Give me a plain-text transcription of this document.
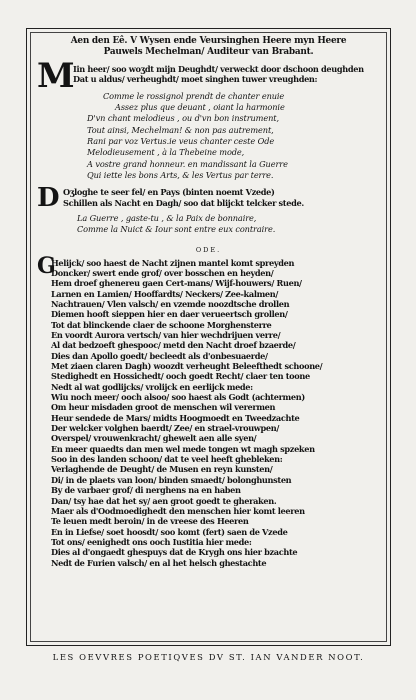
Aen den Eê. V Wysen ende Veursinghen Heere myn Heere
Pauwels Mechelman/ Auditeur van Brabant.
M Iin heer/ soo woʒdt mijn Deughdt/ verweckt door dschoon deughden
Dat u aldus/ verheughdt/ moet singhen tuwer vreughden:
Comme le rossignol prendt de chanter enuie
Assez plus que deuant , oiant la harmonie
D'vn chant melodieus , ou d'vn bon instrument,
Tout ainsi, Mechelman! & non pas autrement,
Rani par voz Vertus.ie veus chanter ceste Ode
Melodieusement , à la Thebeine mode,
A vostre grand honneur. en mandissant la Guerre
Qui iette les bons Arts, & les Vertus par terre.
D Oʒloghe te seer fel/ en Pays (binten noemt Vzede)
Schillen als Nacht en Dagh/ soo dat blijckt telcker stede.
La Guerre , gaste-tu , & la Paix de bonnaire,
Comme la Nuict & Iour sont entre eux contraire.
ODE.
G
Helijck/ soo haest de Nacht zijnen mantel komt spreyden
Doncker/ swert ende grof/ over bosschen en heyden/
Hem droef ghenereu gaen Cert-mans/ Wijf-houwers/ Ruen/
Larnen en Lamien/ Hooffardts/ Neckers/ Zee-kalmen/
Nachtrauen/ Vlen valsch/ en vzemde noozdtsche drollen
Diemen hooft sieppen hier en daer verueertsch grollen/
Tot dat blinckende claer de schoone Morghensterre
En voordt Aurora vertsch/ van hier wechdrijuen verre/
Al dat bedzoeft ghespooc/ metd den Nacht droef bzaerde/
Dies dan Apollo goedt/ becleedt als d'onbesuaerde/
Met ziaen claren Dagh) woozdt verheught Beleefthedt schoone/
Stedighedt en Hossichedt/ ooch goedt Recht/ claer ten toone
Nedt al wat godlijcks/ vrolijck en eerlijck mede:
Wiu noch meer/ ooch alsoo/ soo haest als Godt (achtermen)
Om heur misdaden groot de menschen wil verermen
Heur sendede de Mars/ midts Hoogmoedt en Tweedzachte
Der welcker volghen baerdt/ Zee/ en strael-vrouwpen/
Overspel/ vrouwenkracht/ ghewelt aen alle syen/
En meer quaedts dan men wel mede tongen wt magh spzeken
Soo in des landen schoon/ dat te veel heeft ghebleken:
Verlaghende de Deught/ de Musen en reyn kunsten/
Di/ in de plaets van loon/ binden smaedt/ bolonghunsten
By de varbaer grof/ di nerghens na en haben
Dan/ tsy hae dat het sy/ aen groot goedt te gheraken.
Maer als d'Oodmoedighedt den menschen hier komt leeren
Te leuen medt beroin/ in de vreese des Heeren
En in Liefse/ soet hoosdt/ soo komt (fert) saen de Vzede
Tot ons/ eenighedt ons ooch Iustitia hier mede:
Dies al d'ongaedt ghespuys dat de Krygh ons hier bzachte
Nedt de Furien valsch/ en al het helsch ghestachte
LES OEVVRES POETIQVES DV ST. IAN VANDER NOOT.
